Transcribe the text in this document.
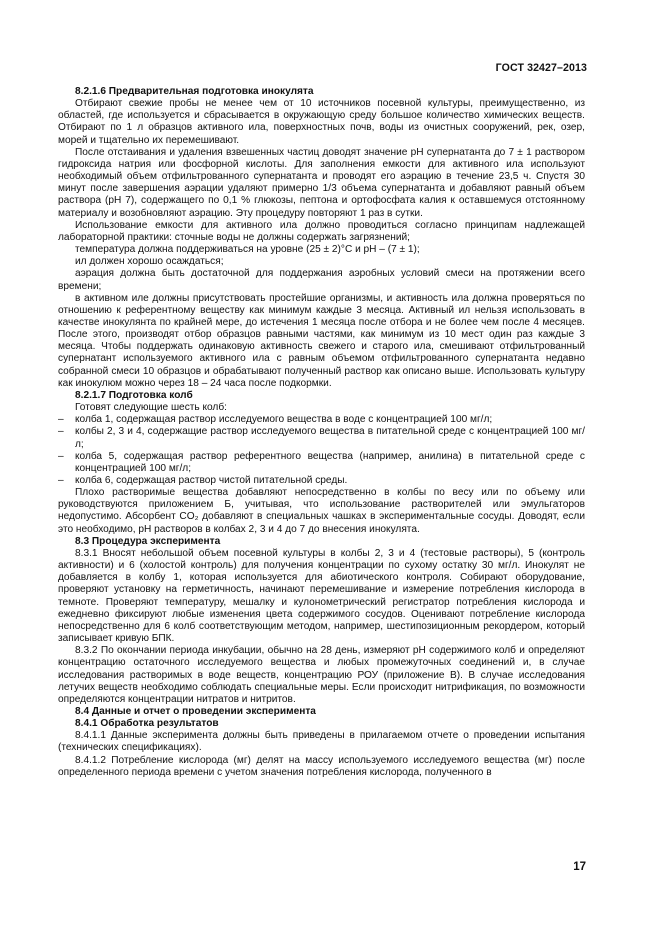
ГОСТ 32427–2013

8.2.1.6 Предварительная подготовка инокулята

Отбирают свежие пробы не менее чем от 10 источников посевной культуры, преимущественно, из областей, где используется и сбрасывается в окружающую среду большое количество химических веществ. Отбирают по 1 л образцов активного ила, поверхностных почв, воды из очистных сооружений, рек, озер, морей и тщательно их перемешивают.

После отстаивания и удаления взвешенных частиц доводят значение pH супернатанта до 7 ± 1 раствором гидроксида натрия или фосфорной кислоты. Для заполнения емкости для активного ила используют необходимый объем отфильтрованного супернатанта и проводят его аэрацию в течение 23,5 ч. Спустя 30 минут после завершения аэрации удаляют примерно 1/3 объема супернатанта и добавляют равный объем раствора (pH 7), содержащего по 0,1 % глюкозы, пептона и ортофосфата калия к оставшемуся отстоянному материалу и возобновляют аэрацию. Эту процедуру повторяют 1 раз в сутки.

Использование емкости для активного ила должно проводиться согласно принципам надлежащей лабораторной практики: сточные воды не должны содержать загрязнений;

температура должна поддерживаться на уровне (25 ± 2)°С и pH – (7 ± 1);

ил должен хорошо осаждаться;

аэрация должна быть достаточной для поддержания аэробных условий смеси на протяжении всего времени;

в активном иле должны присутствовать простейшие организмы, и активность ила должна проверяться по отношению к референтному веществу как минимум каждые 3 месяца. Активный ил нельзя использовать в качестве инокулянта по крайней мере, до истечения 1 месяца после отбора и не более чем после 4 месяцев. После этого, производят отбор образцов равными частями, как минимум из 10 мест один раз каждые 3 месяца. Чтобы поддержать одинаковую активность свежего и старого ила, смешивают отфильтрованный супернатант используемого активного ила с равным объемом отфильтрованного супернатанта недавно собранной смеси 10 образцов и обрабатывают полученный раствор как описано выше. Использовать культуру как инокулюм можно через 18 – 24 часа после подкормки.

8.2.1.7 Подготовка колб

Готовят следующие шесть колб:

– колба 1, содержащая раствор исследуемого вещества в воде с концентрацией 100 мг/л;

– колбы 2, 3 и 4, содержащие раствор исследуемого вещества в питательной среде с концентрацией 100 мг/л;

– колба 5, содержащая раствор референтного вещества (например, анилина) в питательной среде с концентрацией 100 мг/л;

– колба 6, содержащая раствор чистой питательной среды.

Плохо растворимые вещества добавляют непосредственно в колбы по весу или по объему или руководствуются приложением Б, учитывая, что использование растворителей или эмульгаторов недопустимо. Абсорбент CO₂ добавляют в специальных чашках в экспериментальные сосуды. Доводят, если это необходимо, pH растворов в колбах 2, 3 и 4 до 7 до внесения инокулята.

8.3 Процедура эксперимента

8.3.1 Вносят небольшой объем посевной культуры в колбы 2, 3 и 4 (тестовые растворы), 5 (контроль активности) и 6 (холостой контроль) для получения концентрации по сухому остатку 30 мг/л. Инокулят не добавляется в колбу 1, которая используется для абиотического контроля. Собирают оборудование, проверяют установку на герметичность, начинают перемешивание и измерение потребления кислорода в темноте. Проверяют температуру, мешалку и кулонометрический регистратор потребления кислорода и ежедневно фиксируют любые изменения цвета содержимого сосудов. Оценивают потребление кислорода непосредственно для 6 колб соответствующим методом, например, шестипозиционным рекордером, который записывает кривую БПК.

8.3.2 По окончании периода инкубации, обычно на 28 день, измеряют pH содержимого колб и определяют концентрацию остаточного исследуемого вещества и любых промежуточных соединений и, в случае исследования растворимых в воде веществ, концентрацию РОУ (приложение В). В случае исследования летучих веществ необходимо соблюдать специальные меры. Если происходит нитрификация, по возможности определяются концентрации нитратов и нитритов.

8.4 Данные и отчет о проведении эксперимента

8.4.1 Обработка результатов

8.4.1.1 Данные эксперимента должны быть приведены в прилагаемом отчете о проведении испытания (технических спецификациях).

8.4.1.2 Потребление кислорода (мг) делят на массу используемого исследуемого вещества (мг) после определенного периода времени с учетом значения потребления кислорода, полученного в

17
